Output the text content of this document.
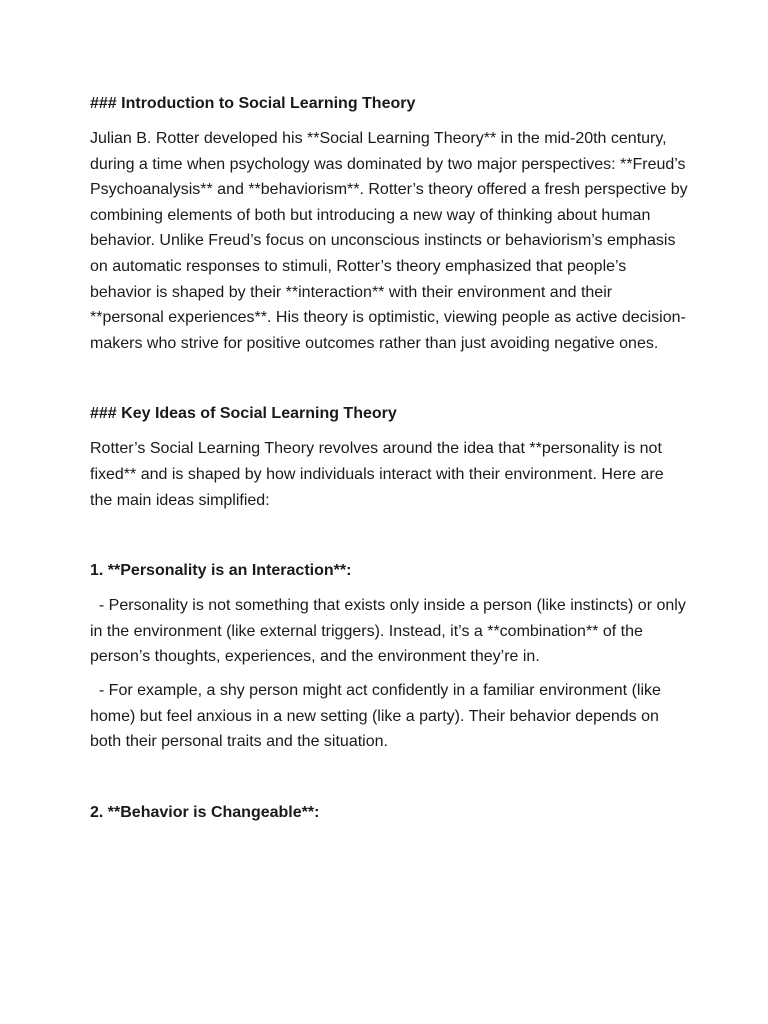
### Introduction to Social Learning Theory

Julian B. Rotter developed his **Social Learning Theory** in the mid-20th century, during a time when psychology was dominated by two major perspectives: **Freud’s Psychoanalysis** and **behaviorism**. Rotter’s theory offered a fresh perspective by combining elements of both but introducing a new way of thinking about human behavior. Unlike Freud’s focus on unconscious instincts or behaviorism’s emphasis on automatic responses to stimuli, Rotter’s theory emphasized that people’s behavior is shaped by their **interaction** with their environment and their **personal experiences**. His theory is optimistic, viewing people as active decision-makers who strive for positive outcomes rather than just avoiding negative ones.

### Key Ideas of Social Learning Theory

Rotter’s Social Learning Theory revolves around the idea that **personality is not fixed** and is shaped by how individuals interact with their environment. Here are the main ideas simplified:

1. **Personality is an Interaction**:

- Personality is not something that exists only inside a person (like instincts) or only in the environment (like external triggers). Instead, it’s a **combination** of the person’s thoughts, experiences, and the environment they’re in.

- For example, a shy person might act confidently in a familiar environment (like home) but feel anxious in a new setting (like a party). Their behavior depends on both their personal traits and the situation.

2. **Behavior is Changeable**:
